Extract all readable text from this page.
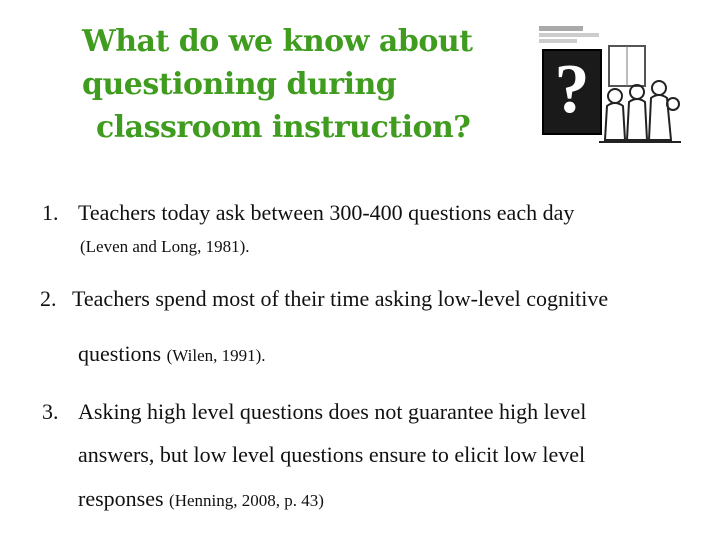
What do we know about
questioning during
classroom instruction?	?
1. Teachers today ask between 300-400 questions each day
(Leven and Long, 1981).
2. Teachers spend most of their time asking low-level cognitive
questions (Wilen, 1991).
3. Asking high level questions does not guarantee high level
answers, but low level questions ensure to elicit low level
responses (Henning, 2008, p. 43)
